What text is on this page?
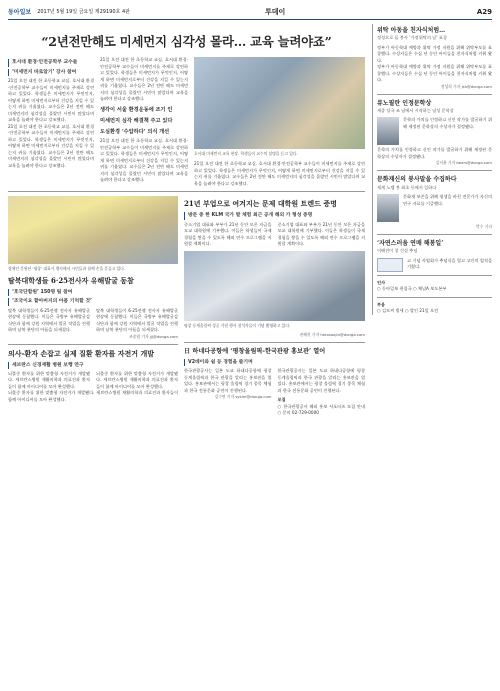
동아일보 2017년 5월 19일 금요일 제29190호 4판	투데이	A29
“2년전만해도 미세먼지 심각성 몰라… 교육 늘려야죠”
호서대 환경·안전공학부 교수들
‘미세먼지 바로알기’ 강사 참여
21일 오전 대전 한 초등학교 교실. 호서대 환경·안전공학부 교수들이 미세먼지를 주제로 강연하고 있었다. 학생들은 미세먼지가 무엇인지, 어떻게 하면 미세먼지로부터 건강을 지킬 수 있는지 귀를 기울였다. 교수들은 2년 전만 해도 미세먼지의 심각성을 몰랐던 시민이 많았다며 교육을 늘려야 한다고 강조했다.
21일 오전 대전 한 초등학교 교실. 호서대 환경·안전공학부 교수들이 미세먼지를 주제로 강연하고 있었다. 학생들은 미세먼지가 무엇인지, 어떻게 하면 미세먼지로부터 건강을 지킬 수 있는지 귀를 기울였다. 교수들은 2년 전만 해도 미세먼지의 심각성을 몰랐던 시민이 많았다며 교육을 늘려야 한다고 강조했다.
21일 오전 대전 한 초등학교 교실. 호서대 환경·안전공학부 교수들이 미세먼지를 주제로 강연하고 있었다. 학생들은 미세먼지가 무엇인지, 어떻게 하면 미세먼지로부터 건강을 지킬 수 있는지 귀를 기울였다. 교수들은 2년 전만 해도 미세먼지의 심각성을 몰랐던 시민이 많았다며 교육을 늘려야 한다고 강조했다.
생각이 서울 환경운동에 조기 인
미세먼지 심각 해결책 주고 있다
도심환경 ‘수압하다’ 의식 개선
21일 오전 대전 한 초등학교 교실. 호서대 환경·안전공학부 교수들이 미세먼지를 주제로 강연하고 있었다. 학생들은 미세먼지가 무엇인지, 어떻게 하면 미세먼지로부터 건강을 지킬 수 있는지 귀를 기울였다. 교수들은 2년 전만 해도 미세먼지의 심각성을 몰랐던 시민이 많았다며 교육을 늘려야 한다고 강조했다.
호서대 미세먼지 교육 현장. 학생들이 교수의 설명을 듣고 있다.
21일 오전 대전 한 초등학교 교실. 호서대 환경·안전공학부 교수들이 미세먼지를 주제로 강연하고 있었다. 학생들은 미세먼지가 무엇인지, 어떻게 하면 미세먼지로부터 건강을 지킬 수 있는지 귀를 기울였다. 교수들은 2년 전만 해도 미세먼지의 심각성을 몰랐던 시민이 많았다며 교육을 늘려야 한다고 강조했다.
장애인 응원단 ‘평창’ 대표가 행사에서 시민들과 함께 손을 흔들고 있다.
탈북대학생들 6·25전사자 유해발굴 동참
‘호국단합원’ 150명 팀 참여
‘조국이요 할아버지의 아픔 기억할 것’
탈북 대학생들이 6·25전쟁 전사자 유해발굴 현장에 동참했다. 이들은 국방부 유해발굴감식단과 함께 강원 지역에서 발굴 작업을 진행하며 남북 분단의 아픔을 되새겼다.
탈북 대학생들이 6·25전쟁 전사자 유해발굴 현장에 동참했다. 이들은 국방부 유해발굴감식단과 함께 강원 지역에서 발굴 작업을 진행하며 남북 분단의 아픔을 되새겼다.
조종엽 기자 jjj@donga.com
의사-환자 손잡고 실제 질환 환자를 자전거 개발
세브란스 신경재활 병원 보행 연구
뇌졸중 환자를 위한 맞춤형 자전거가 개발됐다. 세브란스병원 재활의학과 의료진과 환자들이 함께 아이디어를 모아 완성했다.
뇌졸중 환자를 위한 맞춤형 자전거가 개발됐다. 세브란스병원 재활의학과 의료진과 환자들이 함께 아이디어를 모아 완성했다.
뇌졸중 환자를 위한 맞춤형 자전거가 개발됐다. 세브란스병원 재활의학과 의료진과 환자들이 함께 아이디어를 모아 완성했다.
21년 부업으로 여겨지는 문제 대학원 트렌드 증명
방문 중 한 KLM 국가 발 체험 최근 공개 해외 가 형성 증명
중소기업 대표와 부부가 21년 동안 모은 자금을 모교 대학원에 기부했다. 이들은 학생들이 국제 경험을 쌓을 수 있도록 해외 연수 프로그램을 지원할 계획이다.
중소기업 대표와 부부가 21년 동안 모은 자금을 모교 대학원에 기부했다. 이들은 학생들이 국제 경험을 쌓을 수 있도록 해외 연수 프로그램을 지원할 계획이다.
평창 동계올림픽 성공 기원 행사 참석자들이 기념 촬영하고 있다.
권혜진 기자 herosoojin@donga.com
日 하네다공항에 ‘평창올림픽-한국관광 홍보관’ 열어
V2데이와 쉼 등 경험을 즐기며
한국관광공사는 일본 도쿄 하네다공항에 평창 동계올림픽과 한국 관광을 알리는 홍보관을 열었다. 홍보관에서는 평창 올림픽 경기 종목 체험과 한국 전통문화 공연이 진행된다.
김수연 기자 sykim@donga.com
한국관광공사는 일본 도쿄 하네다공항에 평창 동계올림픽과 한국 관광을 알리는 홍보관을 열었다. 홍보관에서는 평창 올림픽 경기 종목 체험과 한국 전통문화 공연이 진행된다.
모집
○ 한국관광공사 해외 홍보 서포터즈 모집 안내 ○ 문의 02-729-0000
위탁 아동을 친자식처럼…
정성으로 돌 봉사 ‘가정위탁의 날’ 표창
정부가 아동학대 예방과 위탁 가정 지원을 위해 위탁부모를 표창했다. 수상자들은 수십 년 동안 아이들을 친자식처럼 키워 왔다.
정부가 아동학대 예방과 위탁 가정 지원을 위해 위탁부모를 표창했다. 수상자들은 수십 년 동안 아이들을 친자식처럼 키워 왔다.
정성희 기자 jsh@donga.com
류노필란 인정문학상
세종 당국 조 남에서 시작하는 남성 문학상
문학의 가치를 인정하고 신인 작가를 발굴하기 위해 제정된 문학상의 수상자가 결정됐다.
문학의 가치를 인정하고 신인 작가를 발굴하기 위해 제정된 문학상의 수상자가 결정됐다.
김지윤 기자 bears@donga.com
문화재신의 봉사말을 수집하다
세계 노벨 봉 최초 등에서 일하다
문화재 보존을 위해 평생을 바친 전문가가 자신의 연구 자료를 기증했다.
박수 기자
‘자연스러움 연매 해봉일’
이해진이 창 건설 추념
고 기념 사업회가 추념식을 열고 고인의 업적을 기렸다.
인사
○ 동아일보 편집국 ○ 채널A 보도본부
부음
○ 김모씨 별세 ○ 발인 21일 오전
